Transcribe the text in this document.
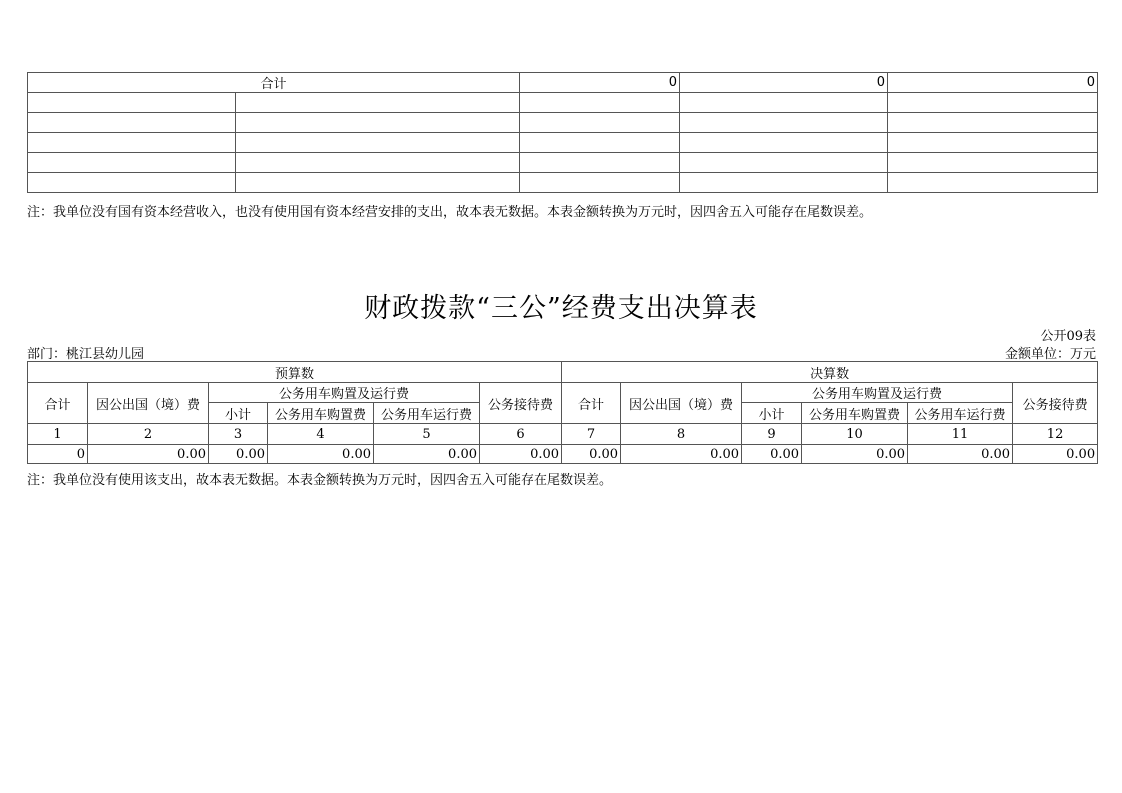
合计		0	0	0

注：我单位没有国有资本经营收入，也没有使用国有资本经营安排的支出，故本表无数据。本表金额转换为万元时，因四舍五入可能存在尾数误差。
财政拨款“三公”经费支出决算表
公开09表
部门：桃江县幼儿园	金额单位：万元
预算数						决算数					
合计	因公出国（境）费	公务用车购置及运行费			公务接待费	合计	因公出国（境）费	公务用车购置及运行费			公务接待费
		小计	公务用车购置费	公务用车运行费				小计	公务用车购置费	公务用车运行费	
1	2	3	4	5	6	7	8	9	10	11	12
0	0.00	0.00	0.00	0.00	0.00	0.00	0.00	0.00	0.00	0.00	0.00
注：我单位没有使用该支出，故本表无数据。本表金额转换为万元时，因四舍五入可能存在尾数误差。
